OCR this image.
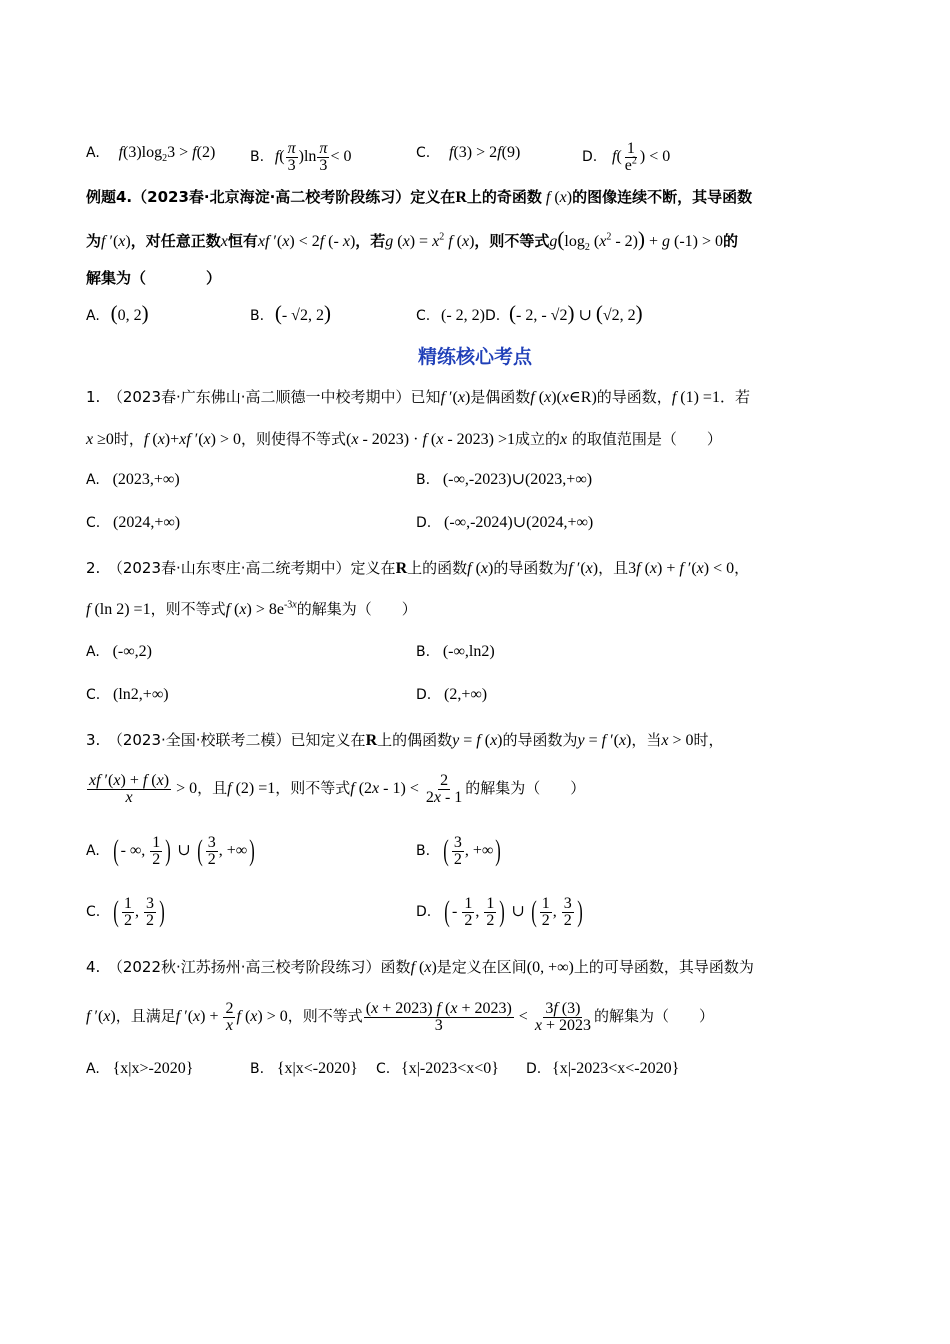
A. $f(3)\log_23 > f(2)$ B. $f( \frac{\pi}{3} )\ln \frac{\pi}{3} < 0$	C. f(3) > 2f(9)	D. $f( \frac{1}{e^2}$ ) < 0
例题4.（2023春·北京海淀·高二校考阶段练习）定义在R上的奇函数 f (x)的图像连续不断，其导函数
为f ′(x)，对任意正数x恒有xf ′(x) < 2f (- x)，若g $(x) = x^2$ f (x)，则不等式$g(\log_2$ $(x^2 - 2)) + g$ (-1) > 0的
解集为（　　　　）
A. (0, 2)	B. (- √2, 2)	C. (- 2, 2)D. (- 2, - √2) ∪ (√2, 2)
精练核心考点
1.　 （2023春·广东佛山·高二顺德一中校考期中）已知f ′(x)是偶函数f (x)(x∈R)的导函数，f (1) =1．若
x ≥0时，f (x)+xf ′(x) > 0，则使得不等式(x - 2023) · f (x - 2023) >1成立的x 的取值范围是（　　）
A. (2023,+∞)	B. (-∞,-2023)∪(2023,+∞)
C. (2024,+∞)	D. (-∞,-2024)∪(2024,+∞)
2.　 （2023春·山东枣庄·高二统考期中）定义在R上的函数f (x)的导函数为f ′(x)，且3f (x) + f ′(x) < 0，
f (ln 2) =1，则不等式f $(x) > 8e^{-3x}$的解集为（　　）
A. (-∞,2)	B. (-∞,ln2)
C. (ln2,+∞)	D. (2,+∞)
3.　 （2023·全国·校联考二模）已知定义在R上的偶函数y = f (x)的导函数为y = f ′(x)，当x > 0时，
$\frac{xf '(x) + f (x)}{x} > 0$，且f (2) =1，则不等式f $(2x - 1) < \frac{2}{2x - 1}$ 的解集为（　　）
A. ( - ∞, $\frac{1}{2}$ ) ∪ ( $\frac{3}{2}$ , +∞)	B. ( $\frac{3}{2}$ , +∞)
C. ( $\frac{1}{2}$ , $\frac{3}{2}$ )	D. ( - $\frac{1}{2}$ , $\frac{1}{2}$ ) ∪ ( $\frac{1}{2}$ , $\frac{3}{2}$ )
4.　 （2022秋·江苏扬州·高三校考阶段练习）函数f (x)是定义在区间(0, +∞)上的可导函数，其导函数为
f ′(x)，且满足f $'(x) + \frac{2}{x}$ f (x) > 0，则不等式 $\frac{(x + 2023) f (x + 2023)}{3} < \frac{3f (3)}{x + 2023}$ 的解集为（　　）
A. {x|x>-2020}	B. {x|x<-2020} C. {x|-2023<x<0} D. {x|-2023<x<-2020}
